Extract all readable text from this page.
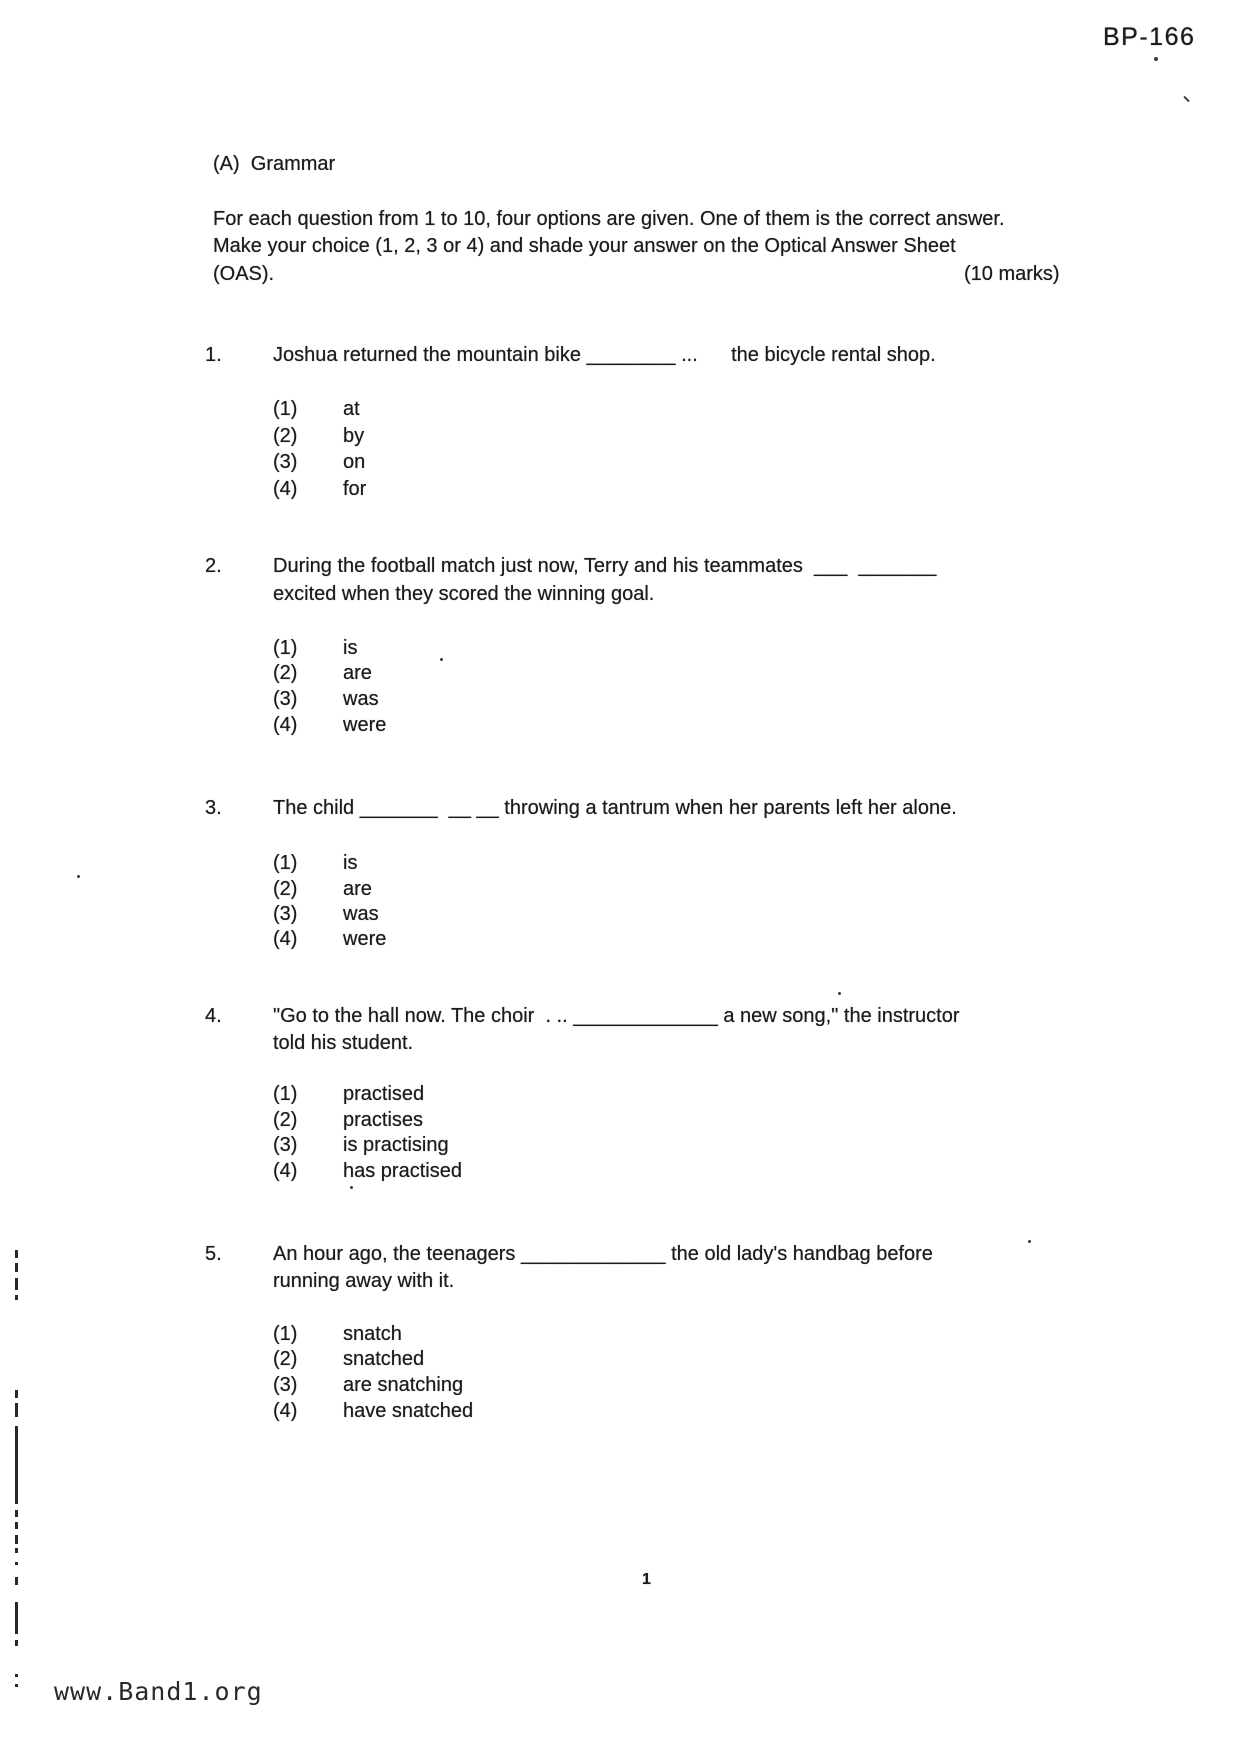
BP-166
(A)  Grammar
For each question from 1 to 10, four options are given. One of them is the correct answer.
Make your choice (1, 2, 3 or 4) and shade your answer on the Optical Answer Sheet
(OAS).	(10 marks)
1.	Joshua returned the mountain bike ________ ...      the bicycle rental shop.
(1) at
(2) by
(3) on
(4) for
2.	During the football match just now, Terry and his teammates  ___  _______
excited when they scored the winning goal.
(1) is
(2) are
(3) was
(4) were
3.	The child _______  __ __ throwing a tantrum when her parents left her alone.
(1) is
(2) are
(3) was
(4) were
4.	"Go to the hall now. The choir  . .. _____________ a new song," the instructor
told his student.
(1) practised
(2) practises
(3) is practising
(4) has practised
5.	An hour ago, the teenagers _____________ the old lady's handbag before
running away with it.
(1) snatch
(2) snatched
(3) are snatching
(4) have snatched
1
www.Band1.org
